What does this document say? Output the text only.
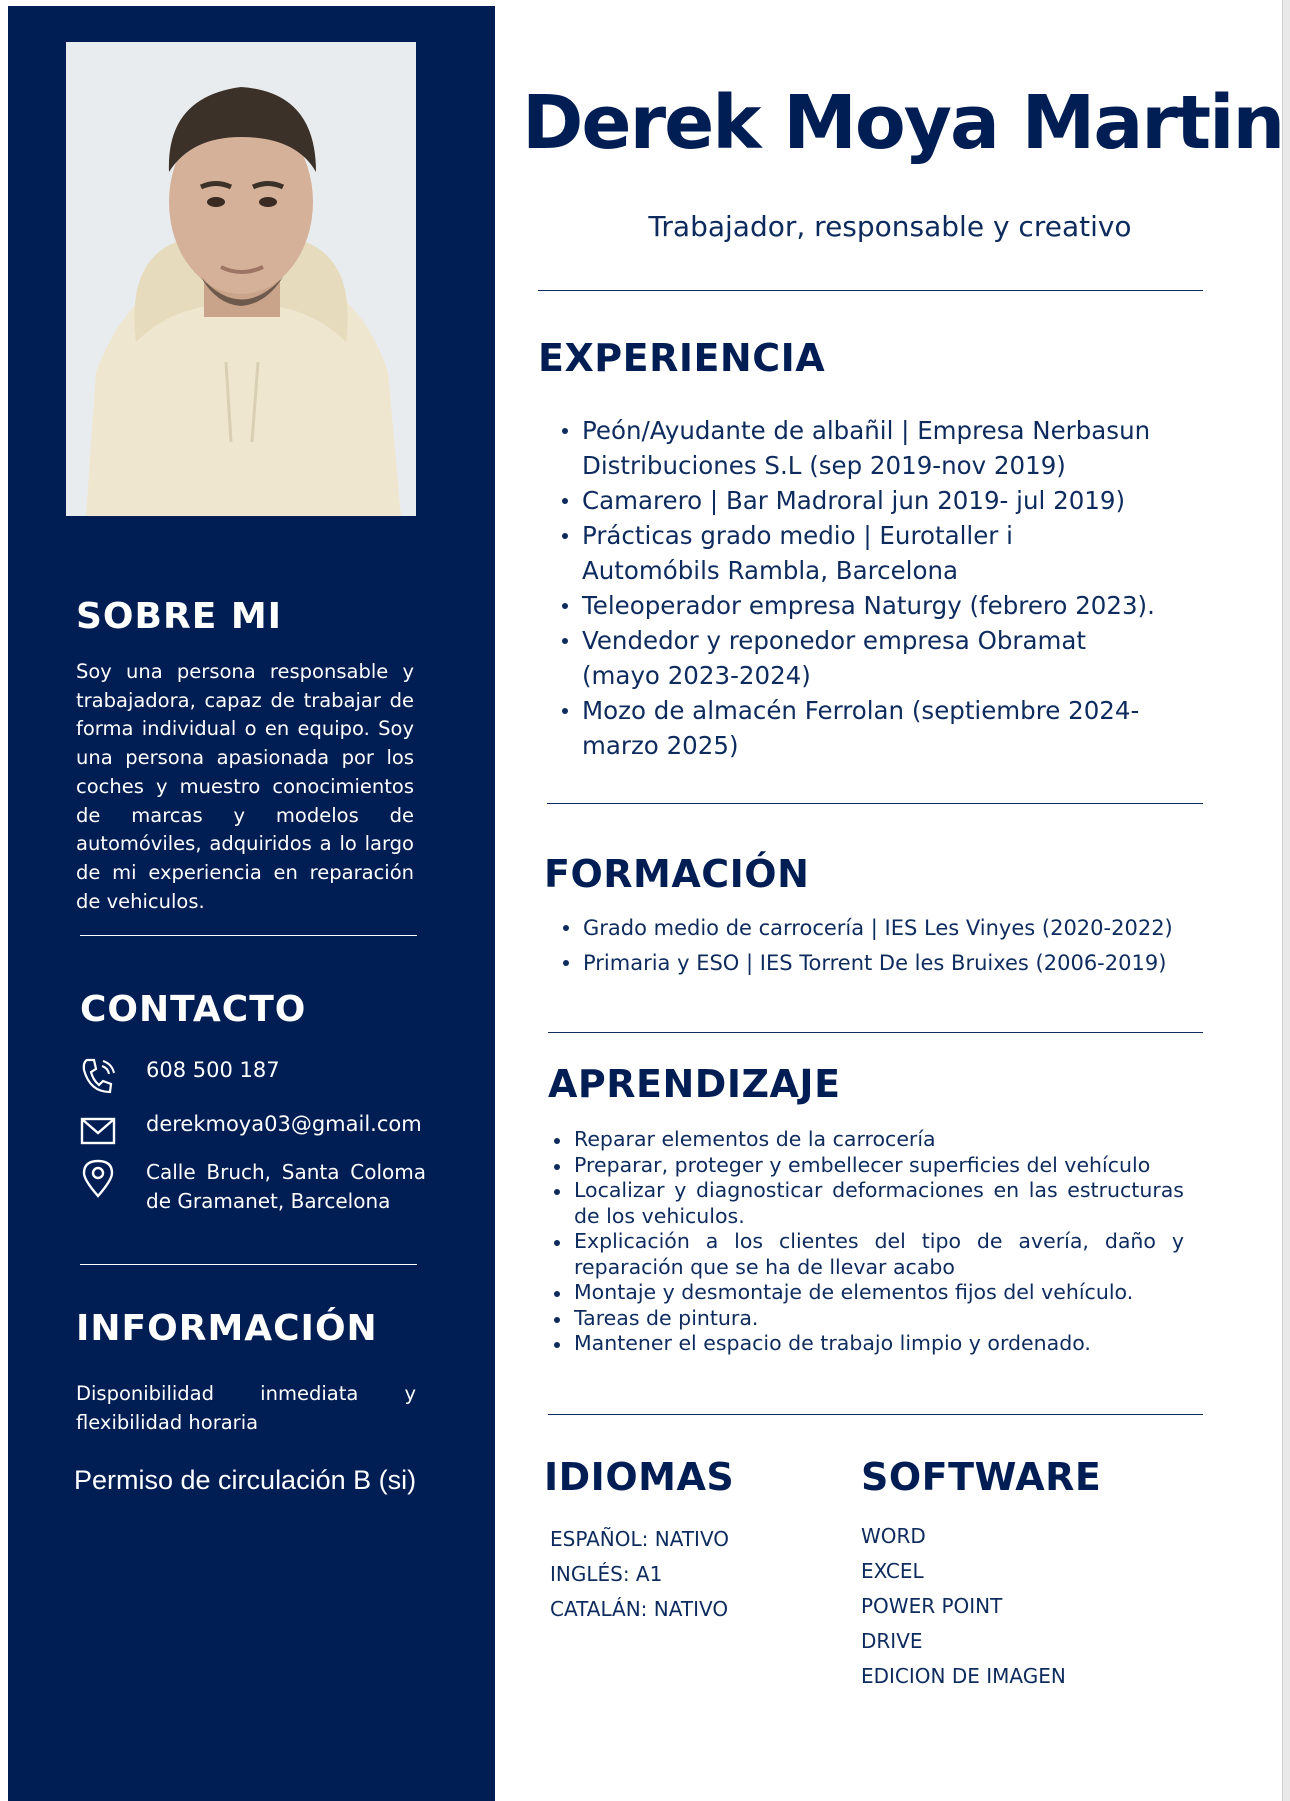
SOBRE MI

Soy una persona responsable y trabajadora, capaz de trabajar de forma individual o en equipo. Soy una persona apasionada por los coches y muestro conocimientos de marcas y modelos de automóviles, adquiridos a lo largo de mi experiencia en reparación de vehiculos.

CONTACTO
608 500 187
derekmoya03@gmail.com
Calle Bruch, Santa Coloma de Gramanet, Barcelona
INFORMACIÓN

Disponibilidad inmediata y flexibilidad horaria

Permiso de circulación B (si)

Derek Moya Martin

Trabajador, responsable y creativo

EXPERIENCIA
Peón/Ayudante de albañil | Empresa Nerbasun Distribuciones S.L (sep 2019-nov 2019)
Camarero | Bar Madroral jun 2019- jul 2019)
Prácticas grado medio | Eurotaller i Automóbils Rambla, Barcelona
Teleoperador empresa Naturgy (febrero 2023).
Vendedor y reponedor empresa Obramat (mayo 2023-2024)
Mozo de almacén Ferrolan (septiembre 2024-marzo 2025)
FORMACIÓN
Grado medio de carrocería | IES Les Vinyes (2020-2022)
Primaria y ESO | IES Torrent De les Bruixes (2006-2019)
APRENDIZAJE
Reparar elementos de la carrocería
Preparar, proteger y embellecer superficies del vehículo
Localizar y diagnosticar deformaciones en las estructuras de los vehiculos.
Explicación a los clientes del tipo de avería, daño y reparación que se ha de llevar acabo
Montaje y desmontaje de elementos fijos del vehículo.
Tareas de pintura.
Mantener el espacio de trabajo limpio y ordenado.
IDIOMAS
ESPAÑOL: NATIVO
INGLÉS: A1
CATALÁN: NATIVO
SOFTWARE
WORD
EXCEL
POWER POINT
DRIVE
EDICION DE IMAGEN
